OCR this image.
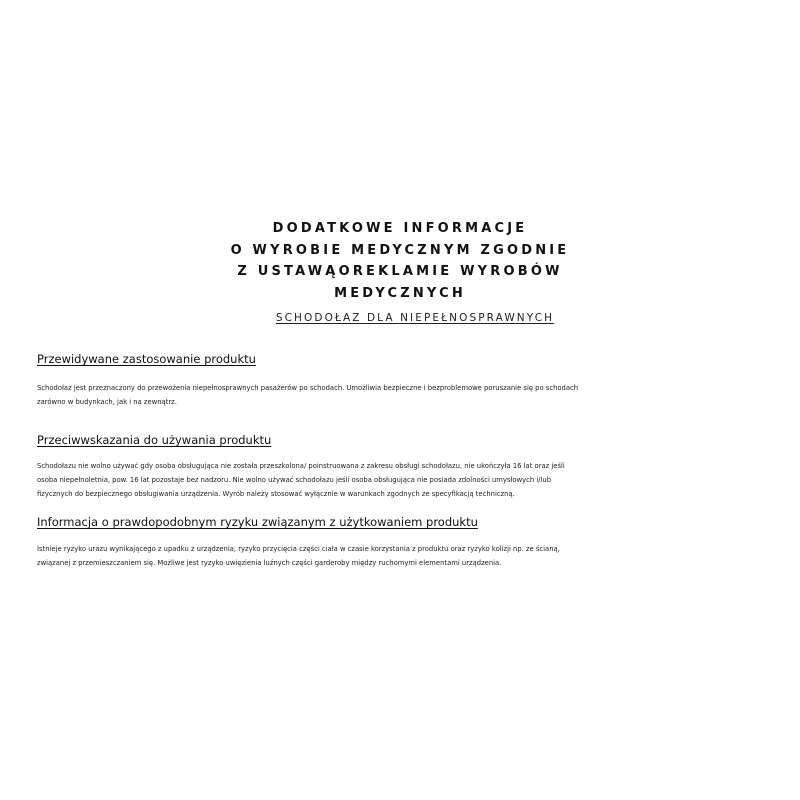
DODATKOWE INFORMACJE
O WYROBIE MEDYCZNYM ZGODNIE
Z USTAWĄOREKLAMIE WYROBÓW
MEDYCZNYCH
SCHODOŁAZ DLA NIEPEŁNOSPRAWNYCH

Przewidywane zastosowanie produktu

Schodołaz jest przeznaczony do przewożenia niepełnosprawnych pasażerów po schodach. Umożliwia bezpieczne i bezproblemowe poruszanie się po schodach
zarówno w budynkach, jak i na zewnątrz.

Przeciwwskazania do używania produktu

Schodołazu nie wolno używać gdy osoba obsługująca nie została przeszkolona/ poinstruowana z zakresu obsługi schodołazu, nie ukończyła 16 lat oraz jeśli
osoba niepełnoletnia, pow. 16 lat pozostaje bez nadzoru. Nie wolno używać schodołazu jeśli osoba obsługująca nie posiada zdolności umysłowych i/lub
fizycznych do bezpiecznego obsługiwania urządzenia. Wyrób należy stosować wyłącznie w warunkach zgodnych ze specyfikacją techniczną.

Informacja o prawdopodobnym ryzyku związanym z użytkowaniem produktu

Istnieje ryzyko urazu wynikającego z upadku z urządzenia, ryzyko przycięcia części ciała w czasie korzystania z produktu oraz ryzyko kolizji np. ze ścianą,
związanej z przemieszczaniem się. Możliwe jest ryzyko uwięzienia luźnych części garderoby między ruchomymi elementami urządzenia.
